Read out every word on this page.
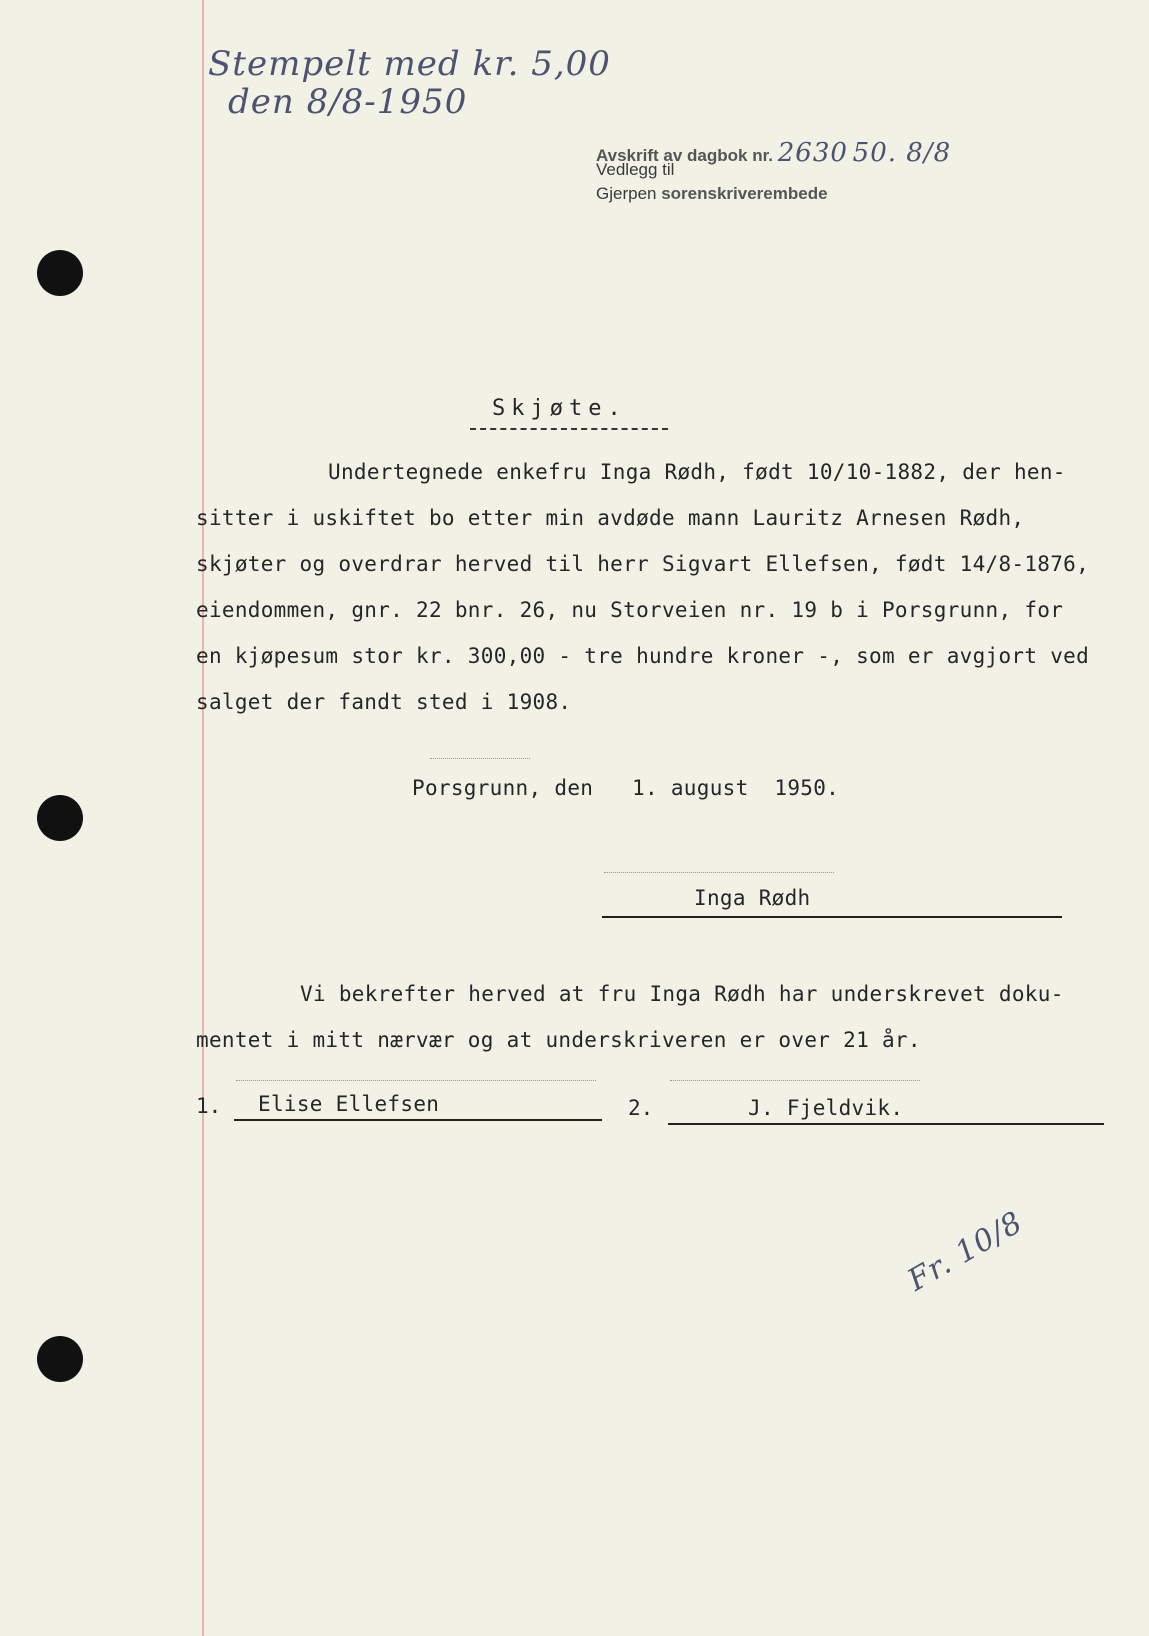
Stempelt med kr. 5,00
den 8/8-1950
Avskrift av dagbok nr. 2630 50. 8/8
Vedlegg til
Gjerpen sorenskriverembede
Skjøte.
Undertegnede enkefru Inga Rødh, født 10/10-1882, der hen-
sitter i uskiftet bo etter min avdøde mann Lauritz Arnesen Rødh,
skjøter og overdrar herved til herr Sigvart Ellefsen, født 14/8-1876,
eiendommen, gnr. 22 bnr. 26, nu Storveien nr. 19 b i Porsgrunn, for
en kjøpesum stor kr. 300,00 - tre hundre kroner -, som er avgjort ved
salget der fandt sted i 1908.
Porsgrunn, den   1. august  1950.
Inga Rødh
Vi bekrefter herved at fru Inga Rødh har underskrevet doku-
mentet i mitt nærvær og at underskriveren er over 21 år.
1. Elise Ellefsen	2.	J. Fjeldvik.
Fr. 10/8
